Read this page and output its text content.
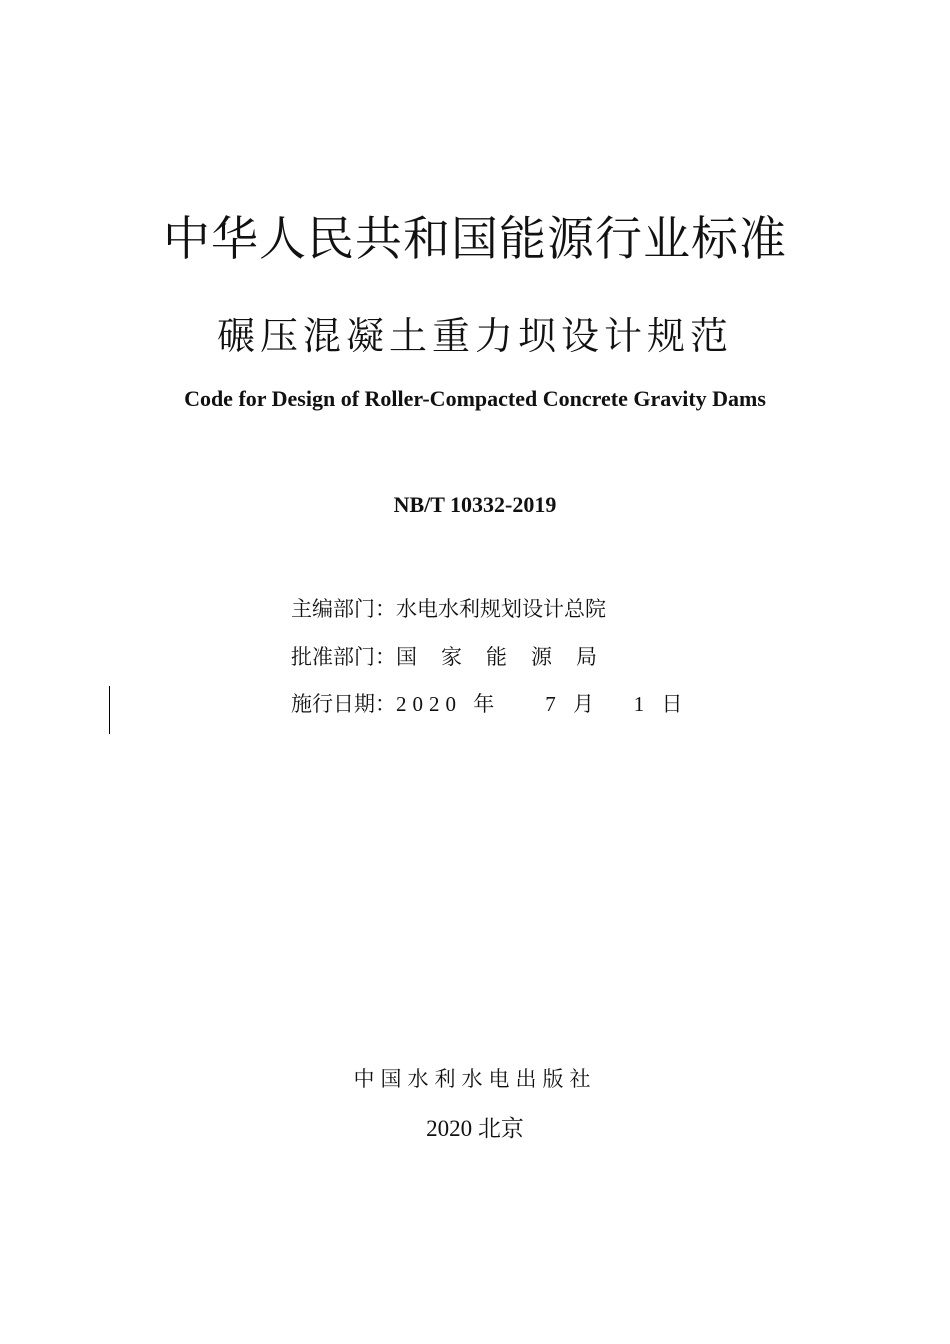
中华人民共和国能源行业标准
碾压混凝土重力坝设计规范
Code for Design of Roller-Compacted Concrete Gravity Dams
NB/T 10332-2019
主编部门：水电水利规划设计总院
批准部门：国家能源局
施行日期：2020 年 7 月 1 日
中国水利水电出版社
2020 北京
